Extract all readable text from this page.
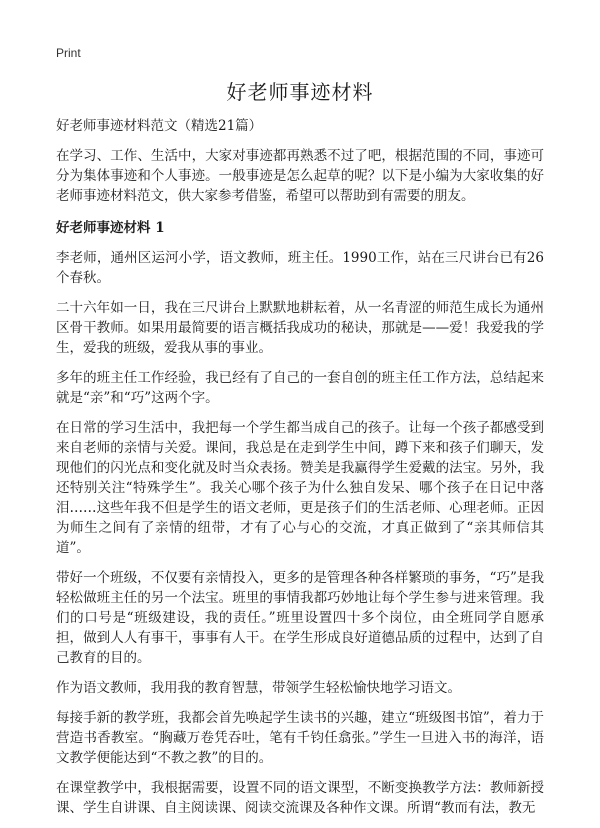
Print
好老师事迹材料

好老师事迹材料范文（精选21篇）

在学习、工作、生活中，大家对事迹都再熟悉不过了吧，根据范围的不同，事迹可分为集体事迹和个人事迹。一般事迹是怎么起草的呢？以下是小编为大家收集的好老师事迹材料范文，供大家参考借鉴，希望可以帮助到有需要的朋友。

好老师事迹材料 1

李老师，通州区运河小学，语文教师，班主任。1990工作，站在三尺讲台已有26个春秋。

二十六年如一日，我在三尺讲台上默默地耕耘着，从一名青涩的师范生成长为通州区骨干教师。如果用最简要的语言概括我成功的秘诀，那就是——爱！我爱我的学生，爱我的班级，爱我从事的事业。

多年的班主任工作经验，我已经有了自己的一套自创的班主任工作方法，总结起来就是“亲”和“巧”这两个字。

在日常的学习生活中，我把每一个学生都当成自己的孩子。让每一个孩子都感受到来自老师的亲情与关爱。课间，我总是在走到学生中间，蹲下来和孩子们聊天，发现他们的闪光点和变化就及时当众表扬。赞美是我赢得学生爱戴的法宝。另外，我还特别关注“特殊学生”。我关心哪个孩子为什么独自发呆、哪个孩子在日记中落泪……这些年我不但是学生的语文老师，更是孩子们的生活老师、心理老师。正因为师生之间有了亲情的纽带，才有了心与心的交流，才真正做到了“亲其师信其道”。

带好一个班级，不仅要有亲情投入，更多的是管理各种各样繁琐的事务，“巧”是我轻松做班主任的另一个法宝。班里的事情我都巧妙地让每个学生参与进来管理。我们的口号是“班级建设，我的责任。”班里设置四十多个岗位，由全班同学自愿承担，做到人人有事干，事事有人干。在学生形成良好道德品质的过程中，达到了自己教育的目的。

作为语文教师，我用我的教育智慧，带领学生轻松愉快地学习语文。

每接手新的教学班，我都会首先唤起学生读书的兴趣，建立“班级图书馆”，着力于营造书香教室。“胸藏万卷凭吞吐，笔有千钧任翕张。”学生一旦进入书的海洋，语文教学便能达到“不教之教”的目的。

在课堂教学中，我根据需要，设置不同的语文课型，不断变换教学方法：教师新授课、学生自讲课、自主阅读课、阅读交流课及各种作文课。所谓“教而有法，教无
